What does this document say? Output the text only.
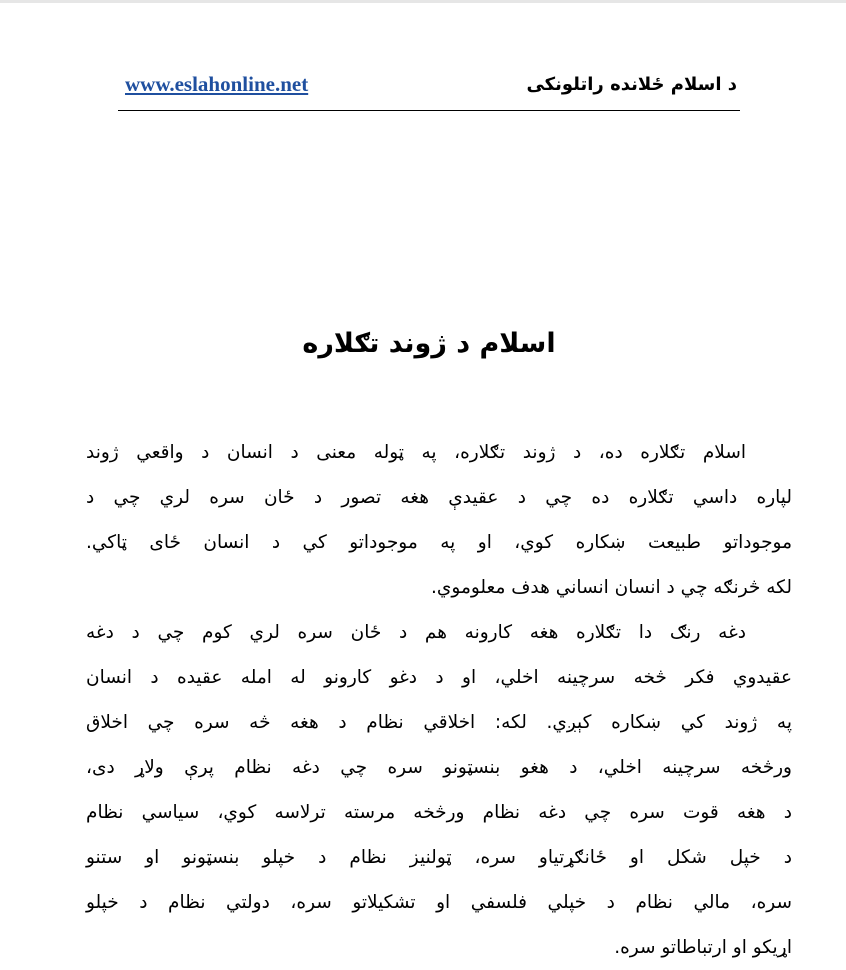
www.eslahonline.net	د اسلام ځلانده راتلونکی
اسلام د ژوند تګلاره
اسلام تګلاره ده، د ژوند تګلاره، په ټوله معنی د انسان د واقعي ژوند
لپاره داسي تګلاره ده چي د عقیدې هغه تصور د ځان سره لري چي د
موجوداتو طبیعت ښکاره کوي، او په موجوداتو کي د انسان ځای ټاکي.
لکه څرنګه چي د انسان انساني هدف معلوموي.
دغه رنګ دا تګلاره هغه کارونه هم د ځان سره لري کوم چي د دغه
عقیدوي فکر څخه سرچینه اخلي، او د دغو کارونو له امله عقیده د انسان
په ژوند کي ښکاره کېږي. لکه: اخلاقي نظام د هغه څه سره چي اخلاق
ورڅخه سرچینه اخلي، د هغو بنسټونو سره چي دغه نظام پرې ولاړ دی،
د هغه قوت سره چي دغه نظام ورڅخه مرسته ترلاسه کوي، سیاسي نظام
د خپل شکل او ځانګړتیاو سره، ټولنیز نظام د خپلو بنسټونو او ستنو
سره، مالي نظام د خپلي فلسفي او تشکیلاتو سره، دولتي نظام د خپلو
اړیکو او ارتباطاتو سره.
